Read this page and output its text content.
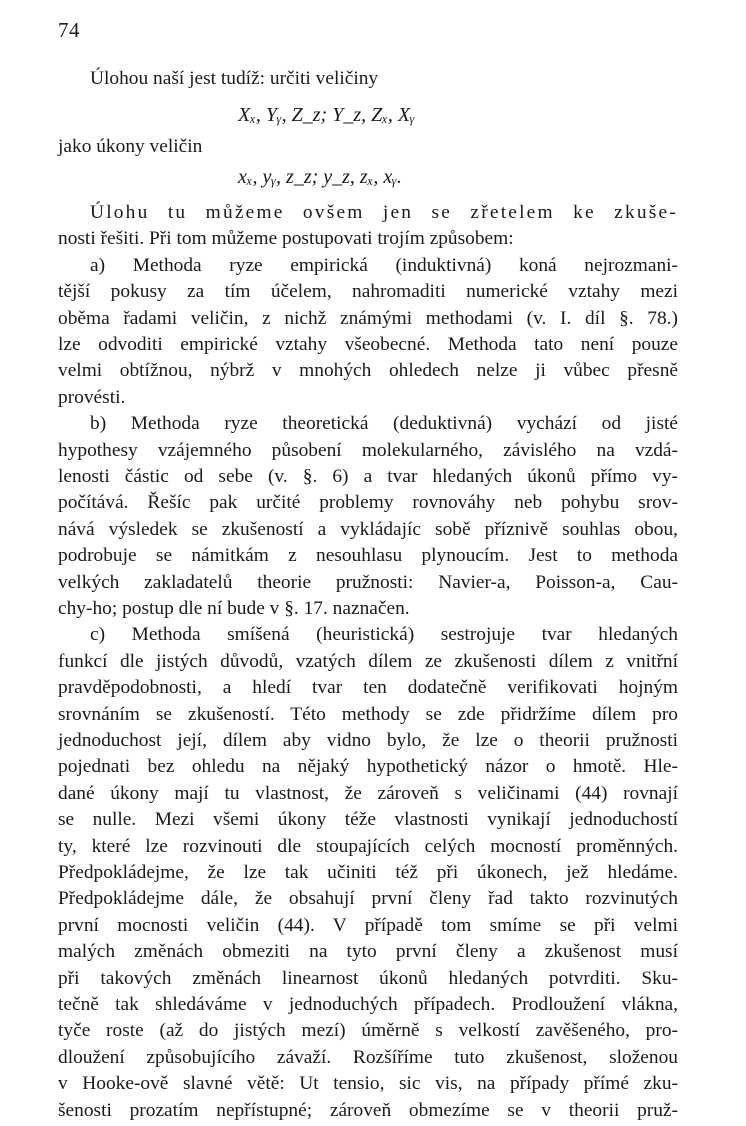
74
Úlohou naší jest tudíž: určiti veličiny
Xₓ, Yᵧ, Z_z; Y_z, Zₓ, Xᵧ
jako úkony veličin
xₓ, yᵧ, z_z; y_z, zₓ, xᵧ.
Úlohu tu můžeme ovšem jen se zřetelem ke zkuše-
nosti řešiti. Při tom můžeme postupovati trojím způsobem:
a) Methoda ryze empirická (induktivná) koná nejrozmani-
tější pokusy za tím účelem, nahromaditi numerické vztahy mezi
oběma řadami veličin, z nichž známými methodami (v. I. díl §. 78.)
lze odvoditi empirické vztahy všeobecné. Methoda tato není pouze
velmi obtížnou, nýbrž v mnohých ohledech nelze ji vůbec přesně
provésti.
b) Methoda ryze theoretická (deduktivná) vychází od jisté
hypothesy vzájemného působení molekularného, závislého na vzdá-
lenosti částic od sebe (v. §. 6) a tvar hledaných úkonů přímo vy-
počítává. Řešíc pak určité problemy rovnováhy neb pohybu srov-
nává výsledek se zkušeností a vykládajíc sobě příznivě souhlas obou,
podrobuje se námitkám z nesouhlasu plynoucím. Jest to methoda
velkých zakladatelů theorie pružnosti: Navier-a, Poisson-a, Cau-
chy-ho; postup dle ní bude v §. 17. naznačen.
c) Methoda smíšená (heuristická) sestrojuje tvar hledaných
funkcí dle jistých důvodů, vzatých dílem ze zkušenosti dílem z vnitřní
pravděpodobnosti, a hledí tvar ten dodatečně verifikovati hojným
srovnáním se zkušeností. Této methody se zde přidržíme dílem pro
jednoduchost její, dílem aby vidno bylo, že lze o theorii pružnosti
pojednati bez ohledu na nějaký hypothetický názor o hmotě. Hle-
dané úkony mají tu vlastnost, že zároveň s veličinami (44) rovnají
se nulle. Mezi všemi úkony téže vlastnosti vynikají jednoduchostí
ty, které lze rozvinouti dle stoupajících celých mocností proměnných.
Předpokládejme, že lze tak učiniti též při úkonech, jež hledáme.
Předpokládejme dále, že obsahují první členy řad takto rozvinutých
první mocnosti veličin (44). V případě tom smíme se při velmi
malých změnách obmeziti na tyto první členy a zkušenost musí
při takových změnách linearnost úkonů hledaných potvrditi. Sku-
tečně tak shledáváme v jednoduchých případech. Prodloužení vlákna,
tyče roste (až do jistých mezí) úměrně s velkostí zavěšeného, pro-
dloužení způsobujícího závaží. Rozšíříme tuto zkušenost, složenou
v Hooke-ově slavné větě: Ut tensio, sic vis, na případy přímé zku-
šenosti prozatím nepřístupné; zároveň obmezíme se v theorii pruž-
